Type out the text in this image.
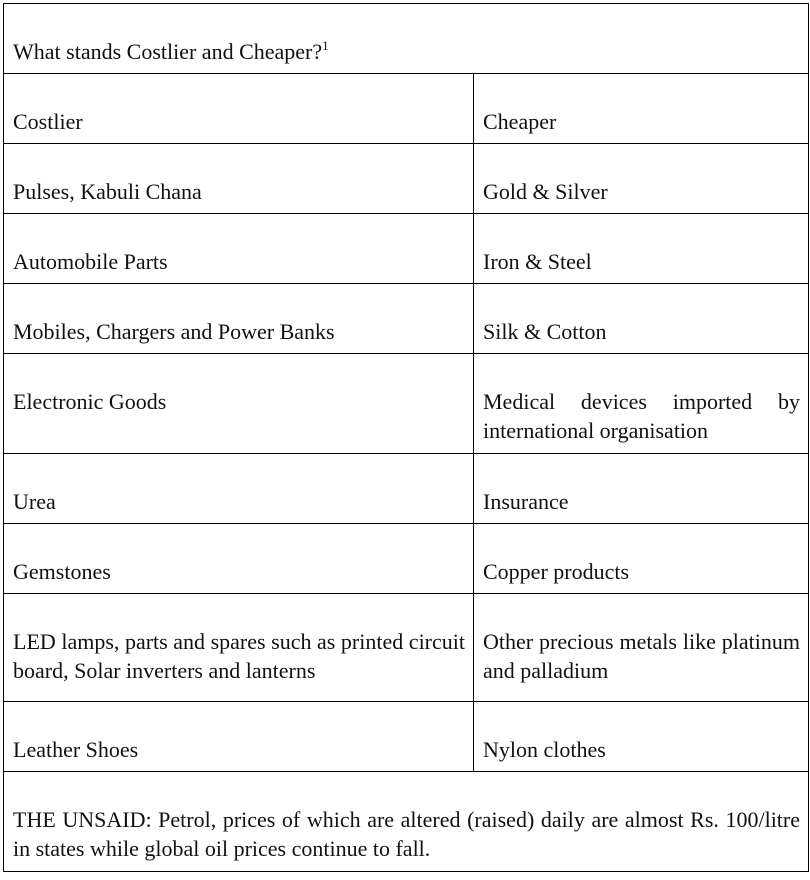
What stands Costlier and Cheaper?$^1$
Costlier	Cheaper
Pulses, Kabuli Chana	Gold & Silver
Automobile Parts	Iron & Steel
Mobiles, Chargers and Power Banks	Silk & Cotton
Electronic Goods	Medical devices imported by international organisation
Urea	Insurance
Gemstones	Copper products
LED lamps, parts and spares such as printed circuit board, Solar inverters and lanterns	Other precious metals like platinum and palladium
Leather Shoes	Nylon clothes
THE UNSAID: Petrol, prices of which are altered (raised) daily are almost Rs. 100/litre in states while global oil prices continue to fall.	
